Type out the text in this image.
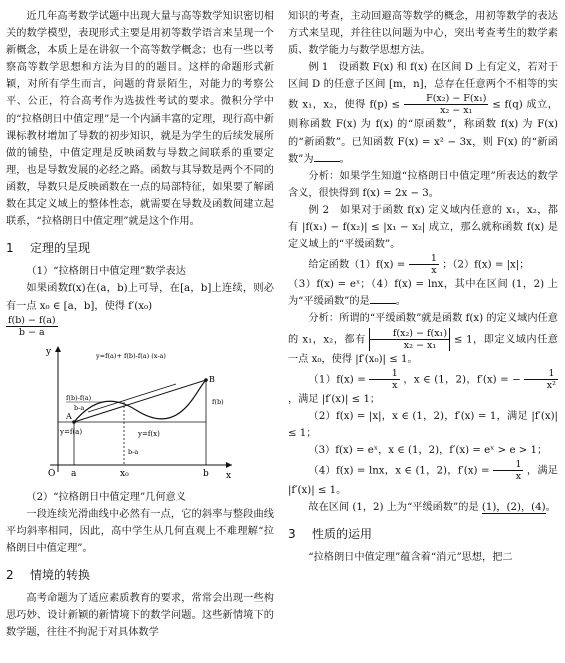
近几年高考数学试题中出现大量与高等数学知识密切相关的数学模型，表现形式主要是用初等数学语言来呈现一个新概念，本质上是在讲叙一个高等数学概念；也有一些以考察高等数学思想和方法为目的的题目。这样的命题形式新颖，对所有学生而言，问题的背景陌生，对能力的考察公平、公正，符合高考作为选拔性考试的要求。微积分学中的“拉格朗日中值定理”是一个内涵丰富的定理，现行高中新课标教材增加了导数的初步知识，就是为学生的后续发展所做的铺垫，中值定理是反映函数与导数之间联系的重要定理，也是导数发展的必经之路。函数与其导数是两个不同的函数，导数只是反映函数在一点的局部特征，如果要了解函数在其定义域上的整体性态，就需要在导数及函数间建立起联系，“拉格朗日中值定理”就是这个作用。

1 定理的呈现

（1）“拉格朗日中值定理”数学表达

如果函数f(x)在(a，b)上可导，在[a，b]上连续，则必有一点 x₀ ∈ [a，b]，使得 f′(x₀)

$\frac{f(b) - f(a)}{b - a}$

y
x
O a	x₀	b
A
B
y=f(a)	y=f(x)
y=f(a)+ f(b)-f(a) (x-a)
f(b)-f(a)
b-a
f(b)
b-a

（2）“拉格朗日中值定理”几何意义

一段连续光滑曲线中必然有一点，它的斜率与整段曲线平均斜率相同，因此，高中学生从几何直观上不难理解“拉格朗日中值定理”。

2 情境的转换

高考命题为了适应素质教育的要求，常常会出现一些构思巧妙、设计新颖的新情境下的数学问题。这些新情境下的数学题，往往不拘泥于对具体数学

知识的考查，主动回避高等数学的概念，用初等数学的表达方式来呈现，并往往以问题为中心，突出考查考生的数学素质、数学能力与数学思想方法。

例 1　设函数 F(x) 和 f(x) 在区间 D 上有定义，若对于区间 D 的任意子区间 [m，n]，总存在任意两个不相等的实数 x₁，x₂，使得 $f(p) \le \frac{\text{F(x₂) − F(x₁)}}{\text{x₂ − x₁}} \le f(q)$ 成立，则称函数 F(x) 为 f(x) 的“原函数”，称函数 f(x) 为 F(x) 的“新函数”。已知函数 F(x) = x² − 3x，则 F(x) 的“新函数”为	。

分析：如果学生知道“拉格朗日中值定理”所表达的数学含义，很快得到 f(x) = 2x − 3。

例 2　如果对于函数 f(x) 定义域内任意的 x₁，x₂，都有 |f(x₁) − f(x₂)| ≤ |x₁ − x₂| 成立，那么就称函数 f(x) 是定义域上的“平缓函数”。

给定函数$(1)f(x) = \frac{1}{x}$ ；（2）f(x) = |x|；

（3）f(x) = eˣ；（4）f(x) = lnx，其中在区间 (1，2) 上为“平缓函数”的是	。

分析：所谓的“平缓函数”就是函数 f(x) 的定义域内任意的 x₁，x₂，都有 $\frac{\text{f(x₂) − f(x₁)}}{\text{x₂ − x₁}} \le 1$，即定义域内任意一点 x₀，使得 |f′(x₀)| ≤ 1。

$(1)f(x) = \frac{1}{x}$ ，x ∈ (1，2)，f′(x) = − $\frac{1}{\text{x²}}$
，满足 |f′(x)| ≤ 1；

（2）f(x) = |x|，x ∈ (1，2)，f′(x) = 1，满足 |f′(x)| ≤ 1；

（3）f(x) = eˣ，x ∈ (1，2)，f′(x) = eˣ > e > 1；

（4）f(x) = lnx，x ∈ (1，2)，$f'(x) = \frac{1}{x}$ ，满足 |f′(x)| ≤ 1。

故在区间 (1，2) 上为“平缓函数”的是 (1)，(2)，(4)。

3 性质的运用

“拉格朗日中值定理”蕴含着“消元”思想，把二
